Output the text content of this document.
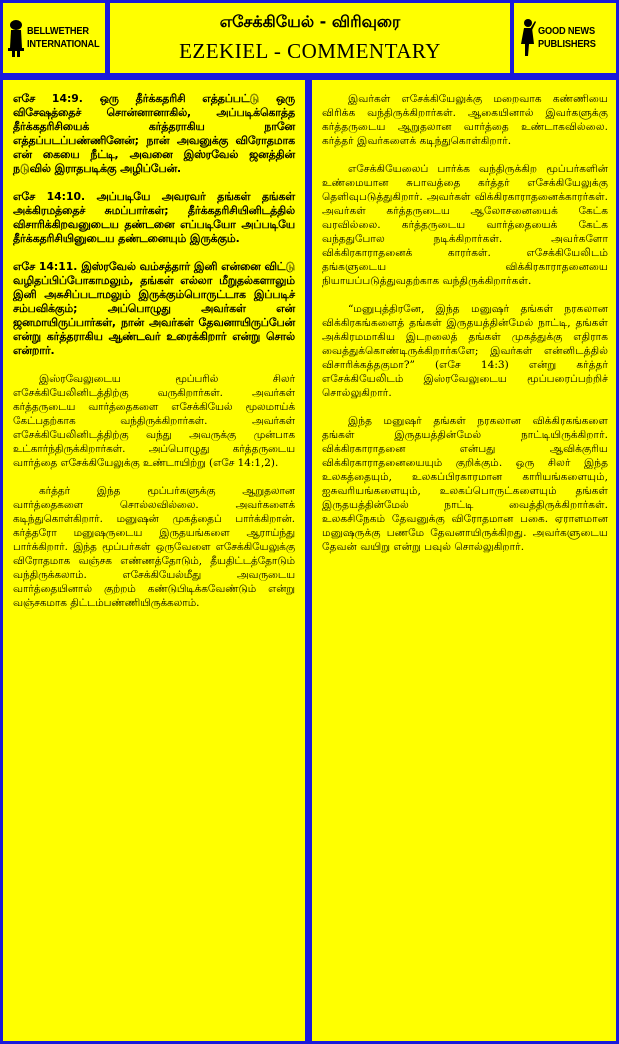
BELLWETHER
INTERNATIONAL
எசேக்கியேல் - விரிவுரை
EZEKIEL - COMMENTARY
GOOD NEWS
PUBLISHERS

எசே 14:9. ஒரு தீர்க்கதரிசி எத்தப்பட்டு ஒரு விசேஷத்தைச் சொன்னானாகில், அப்படிக்கொத்த தீர்க்கதரிசியைக் கர்த்தராகிய நானே எத்தப்படப்பண்ணினேன்; நான் அவனுக்கு விரோதமாக என் கையை நீட்டி, அவனை இஸ்ரவேல் ஜனத்தின் நடுவில் இராதபடிக்கு அழிப்பேன்.

எசே 14:10. அப்படியே அவரவர் தங்கள் தங்கள் அக்கிரமத்தைச் சுமப்பார்கள்; தீர்க்கதரிசியினிடத்தில் விசாரிக்கிறவனுடைய தண்டனை எப்படியோ அப்படியே தீர்க்கதரிசியினுடைய தண்டனையும் இருக்கும்.

எசே 14:11. இஸ்ரவேல் வம்சத்தார் இனி என்னை விட்டு வழிதப்பிப்போகாமலும், தங்கள் எல்லா மீறுதல்களாலும் இனி அசுசிப்படாமலும் இருக்கும்பொருட்டாக இப்படிச் சம்பவிக்கும்; அப்பொழுது அவர்கள் என் ஜனமாயிருப்பார்கள், நான் அவர்கள் தேவனாயிருப்பேன் என்று கர்த்தராகிய ஆண்டவர் உரைக்கிறார் என்று சொல் என்றார்.

இஸ்ரவேலுடைய மூப்பரில் சிலர் எசேக்கியேலினிடத்திற்கு வருகிறார்கள். அவர்கள் கர்த்தருடைய வார்த்தைகளை எசேக்கியேல் மூலமாய்க் கேட்பதற்காக வந்திருக்கிறார்கள். அவர்கள் எசேக்கியேலினிடத்திற்கு வந்து அவருக்கு முன்பாக உட்கார்ந்திருக்கிறார்கள். அப்பொழுது கர்த்தருடைய வார்த்தை எசேக்கியேலுக்கு உண்டாயிற்று (எசே 14:1,2).

கர்த்தர் இந்த மூப்பர்களுக்கு ஆறுதலான வார்த்தைகளை சொல்லவில்லை. அவர்களைக் கடிந்துகொள்கிறார். மனுஷன் முகத்தைப் பார்க்கிறான். கர்த்தரோ மனுஷருடைய இருதயங்களை ஆராய்ந்து பார்க்கிறார். இந்த மூப்பர்கள் ஒருவேளை எசேக்கியேலுக்கு விரோதமாக வஞ்சக எண்ணத்தோடும், தீயதிட்டத்தோடும் வந்திருக்கலாம். எசேக்கியேல்மீது அவருடைய வார்த்தையினால் குற்றம் கண்டுபிடிக்கவேண்டும் என்று வஞ்சகமாக திட்டம்பண்ணியிருக்கலாம்.

இவர்கள் எசேக்கியேலுக்கு மறைவாக கண்ணியை விரிக்க வந்திருக்கிறார்கள். ஆகையினால் இவர்களுக்கு கர்த்தருடைய ஆறுதலான வார்த்தை உண்டாகவில்லை. கர்த்தர் இவர்களைக் கடிந்துகொள்கிறார்.

எசேக்கியேலைப் பார்க்க வந்திருக்கிற மூப்பர்களின் உண்மையான சுபாவத்தை கர்த்தர் எசேக்கியேலுக்கு தெளிவுபடுத்துகிறார். அவர்கள் விக்கிரகாராதனைக்காரர்கள். அவர்கள் கர்த்தருடைய ஆலோசனையைக் கேட்க வரவில்லை. கர்த்தருடைய வார்த்தையைக் கேட்க வந்ததுபோல நடிக்கிறார்கள். அவர்களோ விக்கிரகாராதனைக் காரர்கள். எசேக்கியேலிடம் தங்களுடைய விக்கிரகாராதனையை நியாயப்படுத்துவதற்காக வந்திருக்கிறார்கள்.

“மனுபுத்திரனே, இந்த மனுஷர் தங்கள் நரகலான விக்கிரகங்களைத் தங்கள் இருதயத்தின்மேல் நாட்டி, தங்கள் அக்கிரமமாகிய இடறலைத் தங்கள் முகத்துக்கு எதிராக வைத்துக்கொண்டிருக்கிறார்களே; இவர்கள் என்னிடத்தில் விசாரிக்கத்தகுமா?” (எசே 14:3) என்று கர்த்தர் எசேக்கியேலிடம் இஸ்ரவேலுடைய மூப்பரைப்பற்றிச் சொல்லுகிறார்.

இந்த மனுஷர் தங்கள் நரகலான விக்கிரகங்களை தங்கள் இருதயத்தின்மேல் நாட்டியிருக்கிறார். விக்கிரகாராதனை என்பது ஆவிக்குரிய விக்கிரகாராதனையையும் குறிக்கும். ஒரு சிலர் இந்த உலகத்தையும், உலகப்பிரகாரமான காரியங்களையும், ஐசுவரியங்களையும், உலகப்பொருட்களையும் தங்கள் இருதயத்தின்மேல் நாட்டி வைத்திருக்கிறார்கள். உலகசிநேகம் தேவனுக்கு விரோதமான பகை. ஏராளமான மனுஷருக்கு பணமே தேவனாயிருக்கிறது. அவர்களுடைய தேவன் வயிறு என்று பவுல் சொல்லுகிறார்.
